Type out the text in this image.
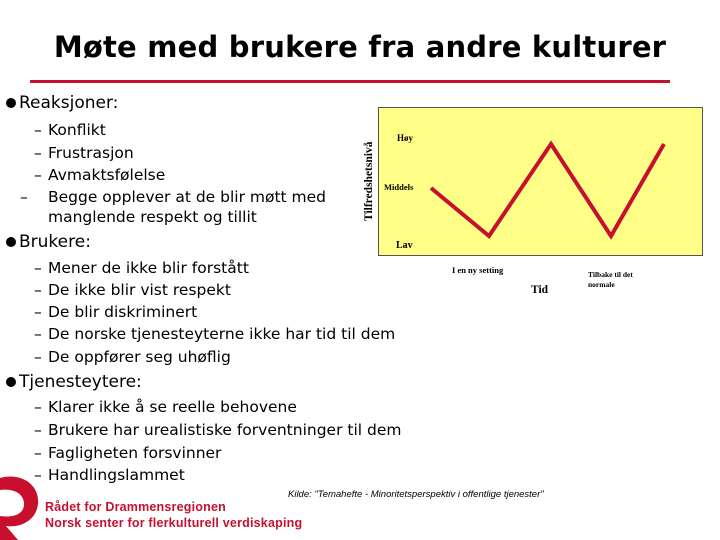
Møte med brukere fra andre kulturer
Reaksjoner:
– Konflikt
– Frustrasjon
– Avmaktsfølelse
– Begge opplever at de blir møtt med manglende respekt og tillit
Brukere:
– Mener de ikke blir forstått
– De ikke blir vist respekt
– De blir diskriminert
– De norske tjenesteyterne ikke har tid til dem
– De oppfører seg uhøflig
Tjenesteytere:
– Klarer ikke å se reelle behovene
– Brukere har urealistiske forventninger til dem
– Fagligheten forsvinner
– Handlingslammet
Tilfredshetsnivå
Høy
Middels
Lav
I en ny setting
Tid
Tilbake til det normale
Kilde: "Temahefte - Minoritetsperspektiv i offentlige tjenester"
Rådet for Drammensregionen
Norsk senter for flerkulturell verdiskaping
